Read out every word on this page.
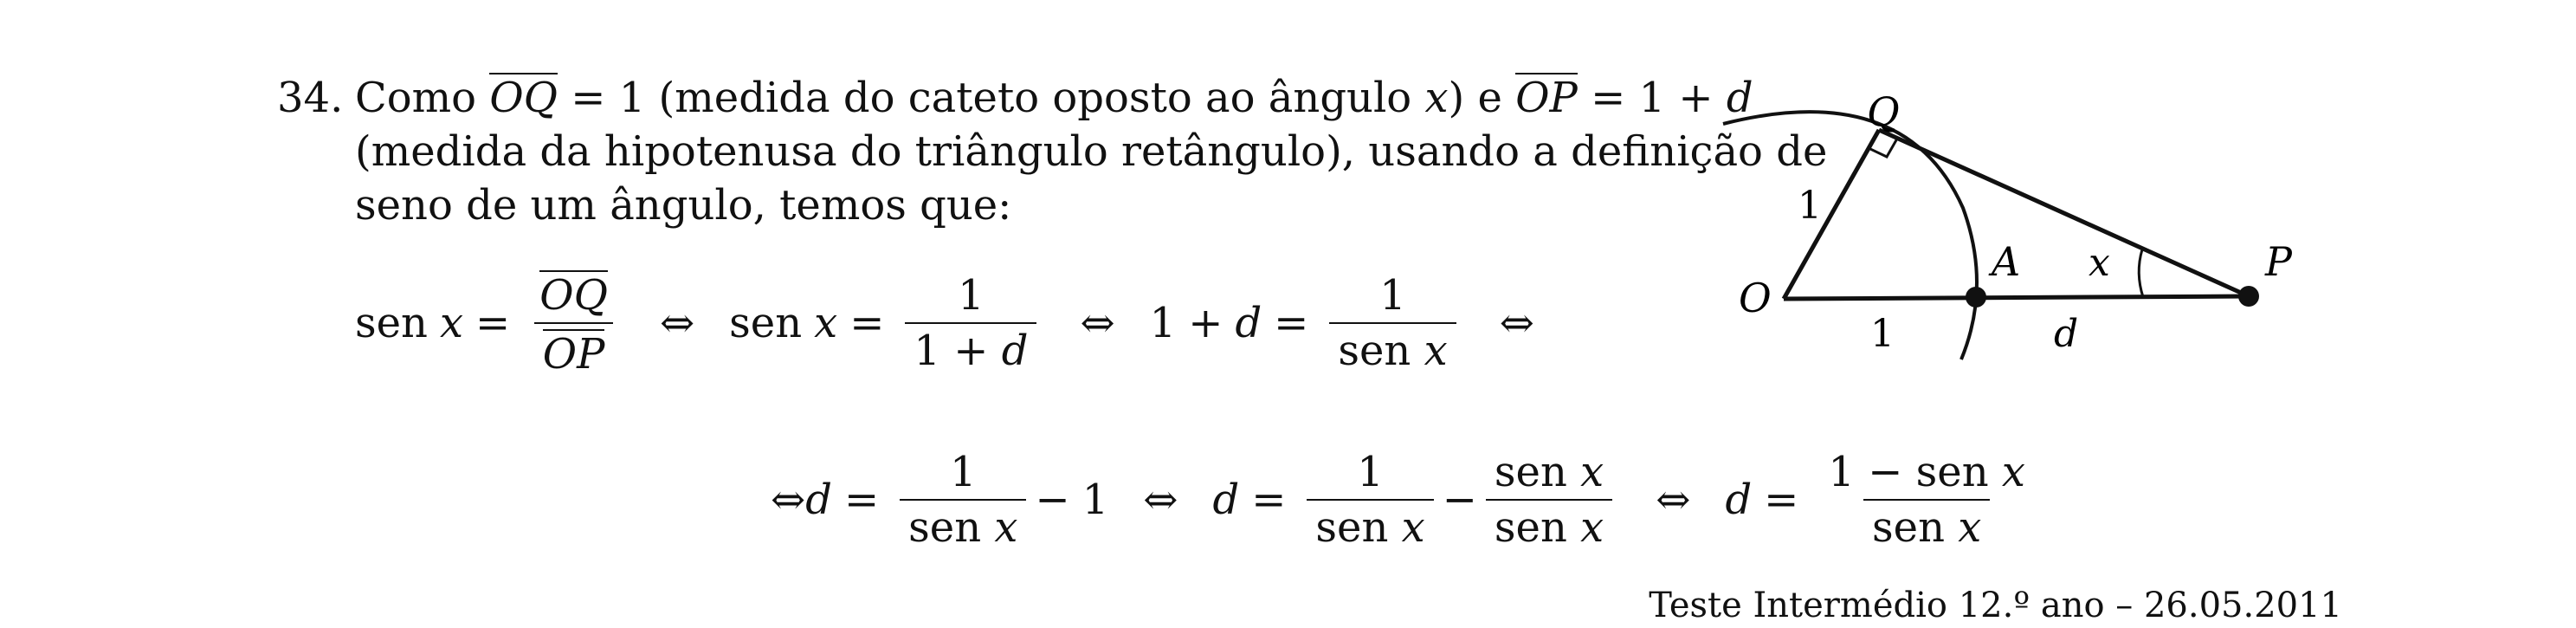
34. Como OQ = 1 (medida do cateto oposto ao ângulo x) e OP = 1 + d
(medida da hipotenusa do triângulo retângulo), usando a definição de
seno de um ângulo, temos que:
sen $x = \frac{OQ}{OP}$ ⇔ sen $x = \frac{1}{1 + d}$ ⇔ $1 + d = \frac{1}{\text{sen x}}$ ⇔
⇔ $d = \frac{1}{\text{sen x}} - 1$ ⇔ $d = \frac{1}{\text{sen x}} - \frac{\text{sen x}}{\text{sen x}}$ ⇔ $d = \frac{\text{1 − sen x}}{\text{sen x}}$
Q
O
A	P
x
1
1	d
Teste Intermédio 12.º ano – 26.05.2011
